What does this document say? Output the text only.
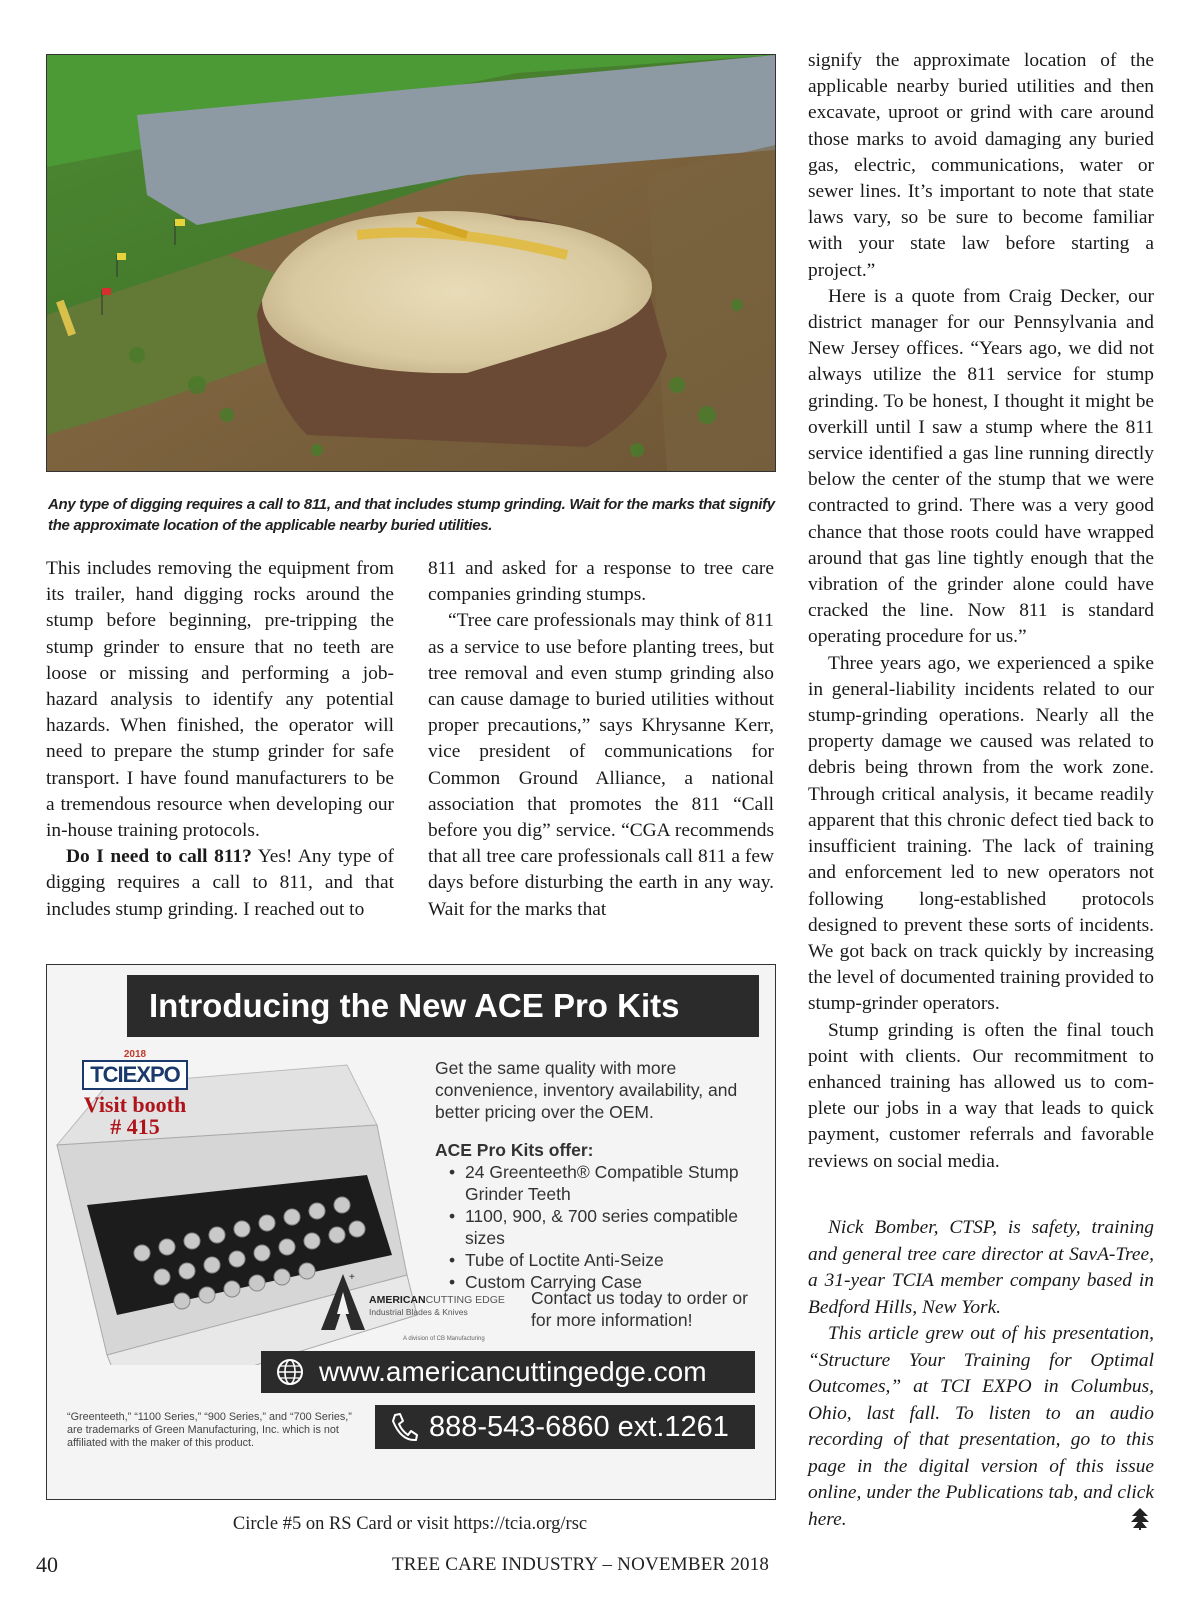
Any type of digging requires a call to 811, and that includes stump grinding. Wait for the marks that signify the approximate location of the applicable nearby buried utilities.

This includes removing the equipment from its trailer, hand digging rocks around the stump before beginning, pre-tripping the stump grinder to ensure that no teeth are loose or missing and performing a job-hazard analysis to identify any potential hazards. When finished, the operator will need to prepare the stump grinder for safe transport. I have found manufacturers to be a tremendous resource when developing our in-house training protocols.

Do I need to call 811? Yes! Any type of digging requires a call to 811, and that includes stump grinding. I reached out to

811 and asked for a response to tree care companies grinding stumps.

“Tree care professionals may think of 811 as a service to use before planting trees, but tree removal and even stump grinding also can cause damage to buried utilities without proper precautions,” says Khrysanne Kerr, vice president of communications for Common Ground Alliance, a national association that promotes the 811 “Call before you dig” service. “CGA recommends that all tree care professionals call 811 a few days before disturbing the earth in any way. Wait for the marks that

signify the approximate location of the applicable nearby buried utilities and then excavate, uproot or grind with care around those marks to avoid damaging any buried gas, electric, communications, water or sewer lines. It’s important to note that state laws vary, so be sure to become familiar with your state law before starting a project.”

Here is a quote from Craig Decker, our district manager for our Pennsylvania and New Jersey offices. “Years ago, we did not always utilize the 811 service for stump grinding. To be honest, I thought it might be overkill until I saw a stump where the 811 service identified a gas line running directly below the center of the stump that we were contracted to grind. There was a very good chance that those roots could have wrapped around that gas line tightly enough that the vibration of the grinder alone could have cracked the line. Now 811 is standard operating procedure for us.”

Three years ago, we experienced a spike in general-liability incidents related to our stump-grinding operations. Nearly all the property damage we caused was related to debris being thrown from the work zone. Through critical analysis, it became readily apparent that this chronic defect tied back to insufficient training. The lack of training and enforcement led to new operators not following long-established protocols designed to prevent these sorts of incidents. We got back on track quickly by increasing the level of documented training provided to stump-grinder operators.

Stump grinding is often the final touch point with clients. Our recommitment to enhanced training has allowed us to complete our jobs in a way that leads to quick payment, customer referrals and favorable reviews on social media.

Nick Bomber, CTSP, is safety, training and general tree care director at SavA-Tree, a 31-year TCIA member company based in Bedford Hills, New York.

This article grew out of his presentation, “Structure Your Training for Optimal Outcomes,” at TCI EXPO in Columbus, Ohio, last fall. To listen to an audio recording of that presentation, go to this page in the digital version of this issue online, under the Publications tab, and click here.

Introducing the New ACE Pro Kits
2018
TCIEXPO
Visit booth
# 415
Get the same quality with more convenience, inventory availability, and better pricing over the OEM.
ACE Pro Kits offer:
• 24 Greenteeth® Compatible Stump Grinder Teeth
• 1100, 900, & 700 series compatible sizes
• Tube of Loctite Anti-Seize
• Custom Carrying Case
+
AMERICANCUTTING EDGE
Industrial Blades & Knives
A division of CB Manufacturing
Contact us today to order or for more information!
www.americancuttingedge.com
888-543-6860 ext.1261
“Greenteeth,” “1100 Series,” “900 Series,” and “700 Series,” are trademarks of Green Manufacturing, Inc. which is not affiliated with the maker of this product.
Circle #5 on RS Card or visit https://tcia.org/rsc
40	TREE CARE INDUSTRY – NOVEMBER 2018
